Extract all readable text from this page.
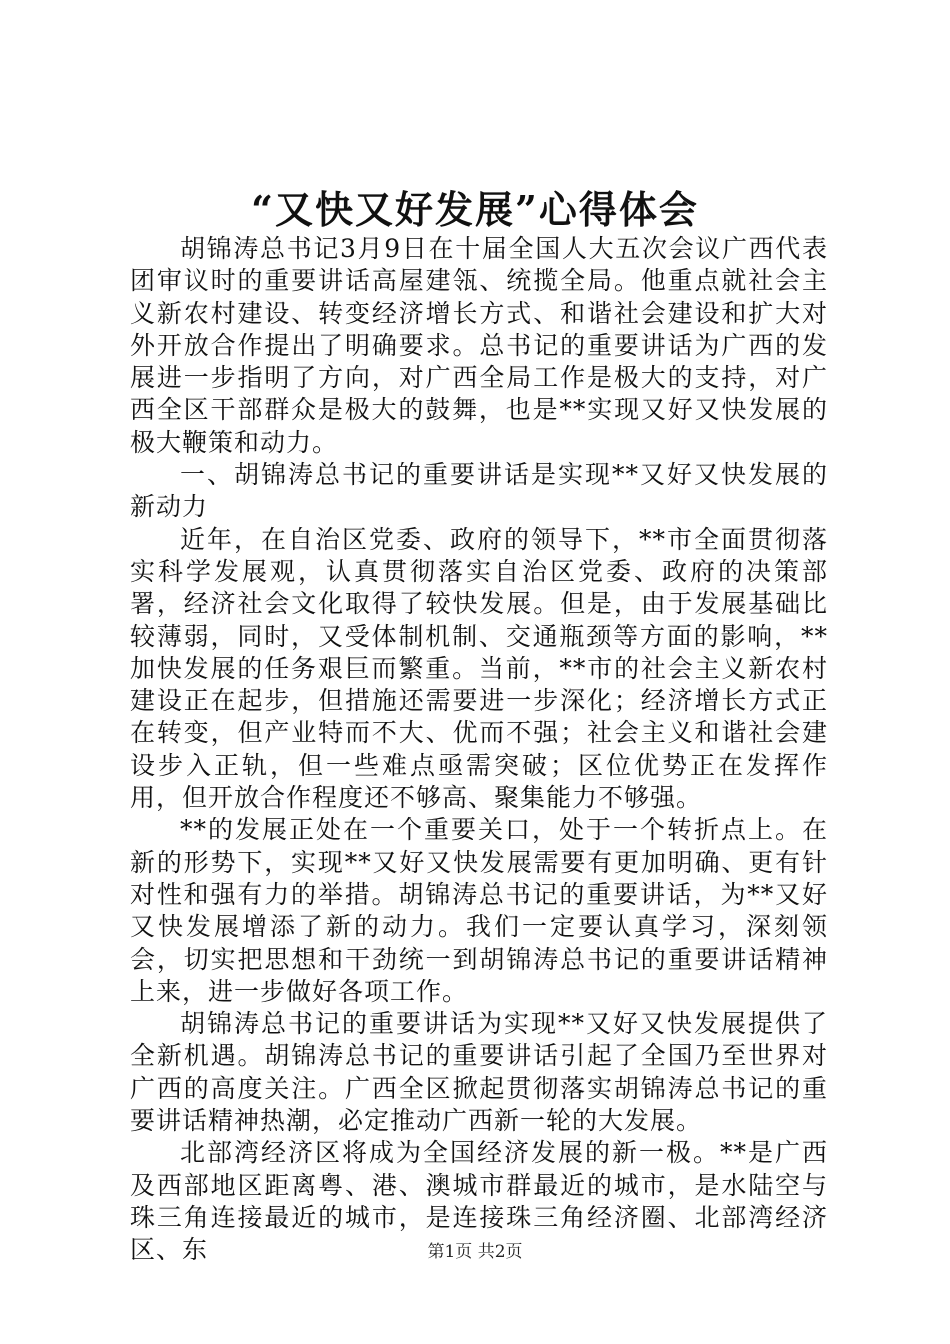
“又快又好发展”心得体会

胡锦涛总书记3月9日在十届全国人大五次会议广西代表团审议时的重要讲话高屋建瓴、统揽全局。他重点就社会主义新农村建设、转变经济增长方式、和谐社会建设和扩大对外开放合作提出了明确要求。总书记的重要讲话为广西的发展进一步指明了方向，对广西全局工作是极大的支持，对广西全区干部群众是极大的鼓舞，也是**实现又好又快发展的极大鞭策和动力。

一、胡锦涛总书记的重要讲话是实现**又好又快发展的新动力

近年，在自治区党委、政府的领导下，**市全面贯彻落实科学发展观，认真贯彻落实自治区党委、政府的决策部署，经济社会文化取得了较快发展。但是，由于发展基础比较薄弱，同时，又受体制机制、交通瓶颈等方面的影响，**加快发展的任务艰巨而繁重。当前，**市的社会主义新农村建设正在起步，但措施还需要进一步深化；经济增长方式正在转变，但产业特而不大、优而不强；社会主义和谐社会建设步入正轨，但一些难点亟需突破；区位优势正在发挥作用，但开放合作程度还不够高、聚集能力不够强。

**的发展正处在一个重要关口，处于一个转折点上。在新的形势下，实现**又好又快发展需要有更加明确、更有针对性和强有力的举措。胡锦涛总书记的重要讲话，为**又好又快发展增添了新的动力。我们一定要认真学习，深刻领会，切实把思想和干劲统一到胡锦涛总书记的重要讲话精神上来，进一步做好各项工作。

胡锦涛总书记的重要讲话为实现**又好又快发展提供了全新机遇。胡锦涛总书记的重要讲话引起了全国乃至世界对广西的高度关注。广西全区掀起贯彻落实胡锦涛总书记的重要讲话精神热潮，必定推动广西新一轮的大发展。

北部湾经济区将成为全国经济发展的新一极。**是广西及西部地区距离粤、港、澳城市群最近的城市，是水陆空与珠三角连接最近的城市，是连接珠三角经济圈、北部湾经济区、东	第1页 共2页
